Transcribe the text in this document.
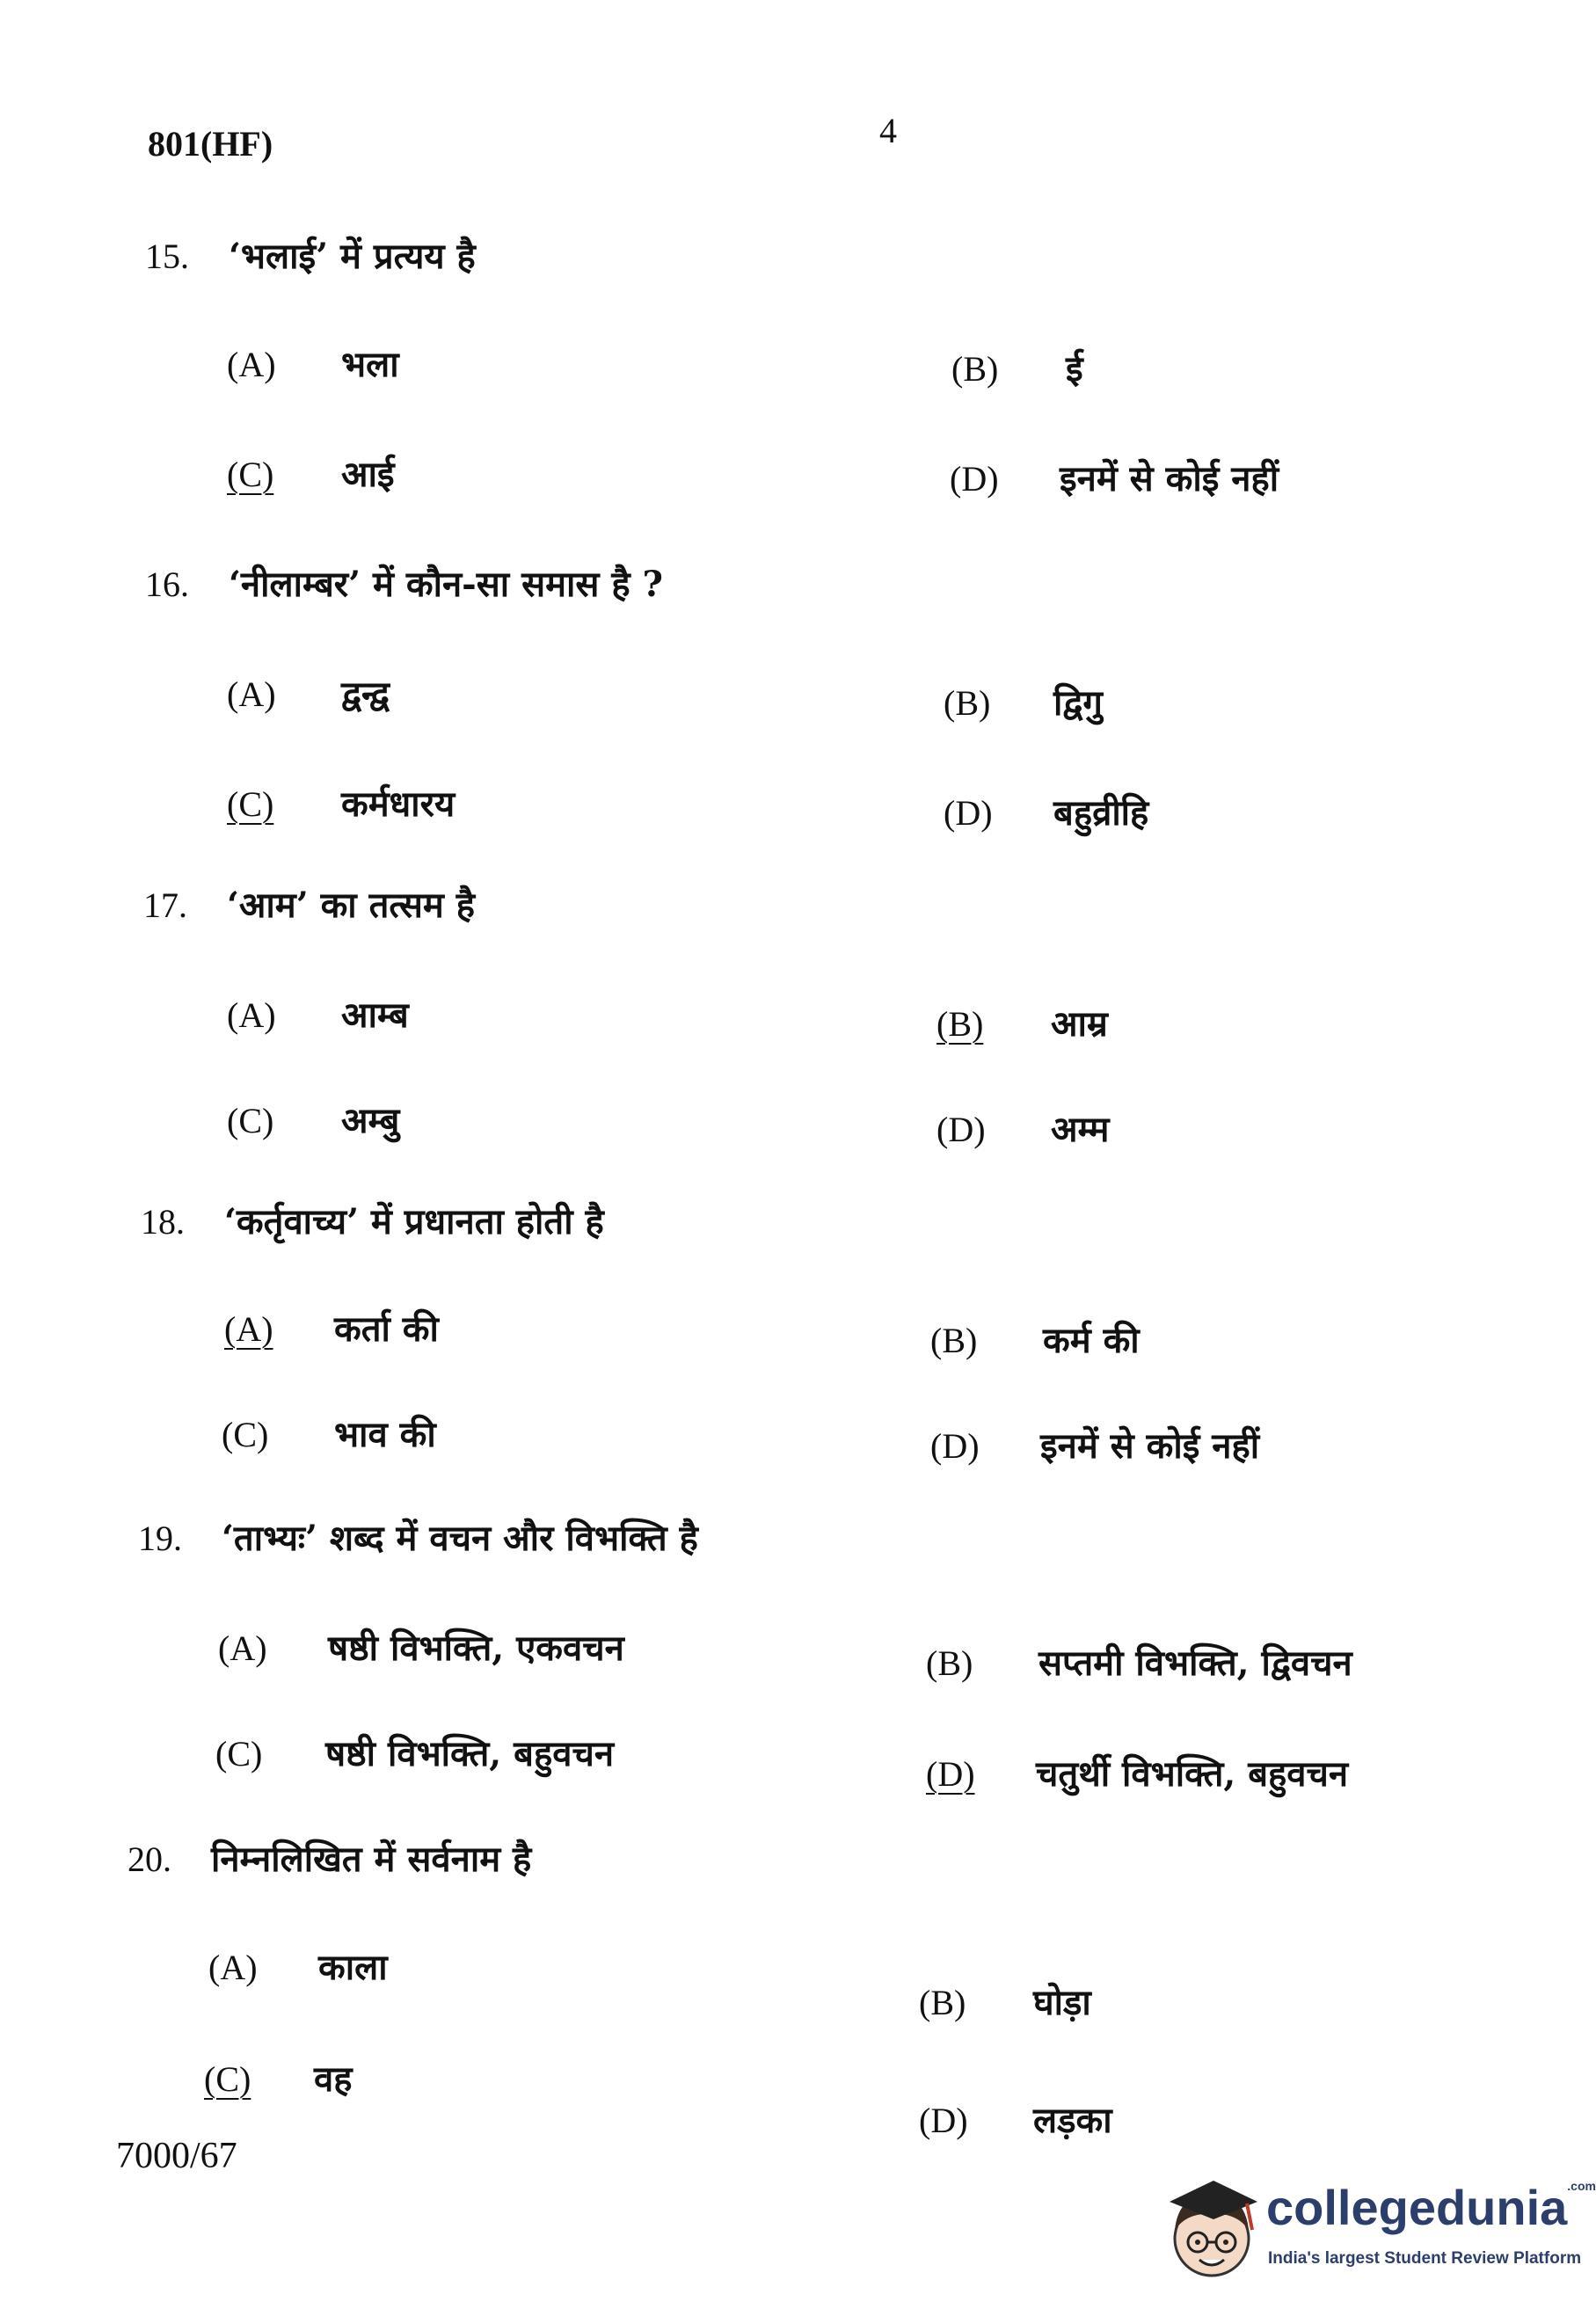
801(HF)	4
15. ‘भलाई’ में प्रत्यय है
(A) भला	(B) ई
(C) आई	(D) इनमें से कोई नहीं
16. ‘नीलाम्बर’ में कौन-सा समास है ?
(A) द्वन्द्व	(B) द्विगु
(C) कर्मधारय	(D) बहुव्रीहि
17. ‘आम’ का तत्सम है
(A) आम्ब	(B) आम्र
(C) अम्बु	(D) अम्म
18. ‘कर्तृवाच्य’ में प्रधानता होती है
(A) कर्ता की	(B) कर्म की
(C) भाव की	(D) इनमें से कोई नहीं
19. ‘ताभ्यः’ शब्द में वचन और विभक्ति है
(A) षष्ठी विभक्ति, एकवचन	(B) सप्तमी विभक्ति, द्विवचन
(C) षष्ठी विभक्ति, बहुवचन	(D) चतुर्थी विभक्ति, बहुवचन
20. निम्नलिखित में सर्वनाम है
(A) काला
(B) घोड़ा
(C) वह
(D) लड़का
7000/67
collegedunia$^{.com}$
India's largest Student Review Platform
